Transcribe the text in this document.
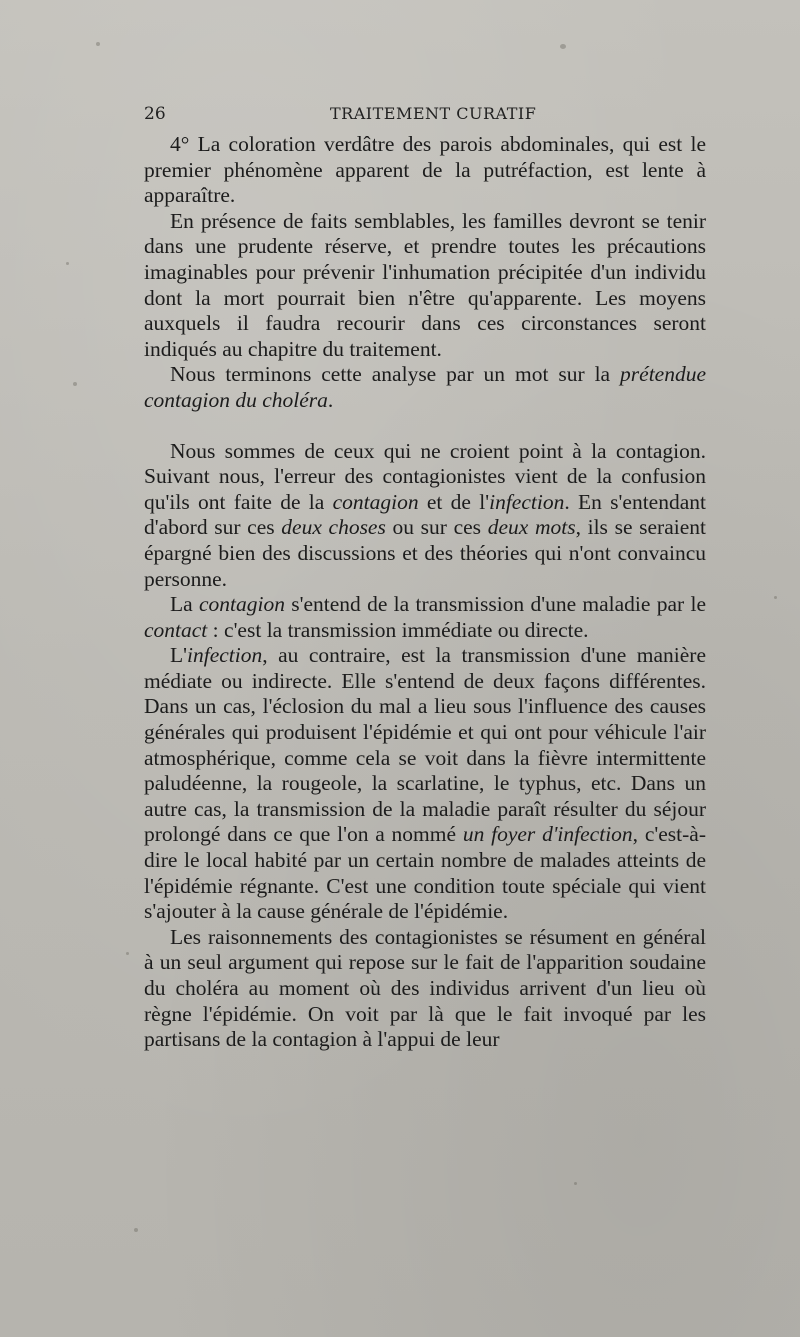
26	TRAITEMENT CURATIF

4° La coloration verdâtre des parois abdominales, qui est le premier phénomène apparent de la putréfaction, est lente à apparaître.

En présence de faits semblables, les familles devront se tenir dans une prudente réserve, et prendre toutes les précautions imaginables pour prévenir l'inhumation précipitée d'un individu dont la mort pourrait bien n'être qu'apparente. Les moyens auxquels il faudra recourir dans ces circonstances seront indiqués au chapitre du traitement.

Nous terminons cette analyse par un mot sur la prétendue contagion du choléra.

Nous sommes de ceux qui ne croient point à la contagion. Suivant nous, l'erreur des contagionistes vient de la confusion qu'ils ont faite de la contagion et de l'infection. En s'entendant d'abord sur ces deux choses ou sur ces deux mots, ils se seraient épargné bien des discussions et des théories qui n'ont convaincu personne.

La contagion s'entend de la transmission d'une maladie par le contact : c'est la transmission immédiate ou directe.

L'infection, au contraire, est la transmission d'une manière médiate ou indirecte. Elle s'entend de deux façons différentes. Dans un cas, l'éclosion du mal a lieu sous l'influence des causes générales qui produisent l'épidémie et qui ont pour véhicule l'air atmosphérique, comme cela se voit dans la fièvre intermittente paludéenne, la rougeole, la scarlatine, le typhus, etc. Dans un autre cas, la transmission de la maladie paraît résulter du séjour prolongé dans ce que l'on a nommé un foyer d'infection, c'est-à-dire le local habité par un certain nombre de malades atteints de l'épidémie régnante. C'est une condition toute spéciale qui vient s'ajouter à la cause générale de l'épidémie.

Les raisonnements des contagionistes se résument en général à un seul argument qui repose sur le fait de l'apparition soudaine du choléra au moment où des individus arrivent d'un lieu où règne l'épidémie. On voit par là que le fait invoqué par les partisans de la contagion à l'appui de leur
